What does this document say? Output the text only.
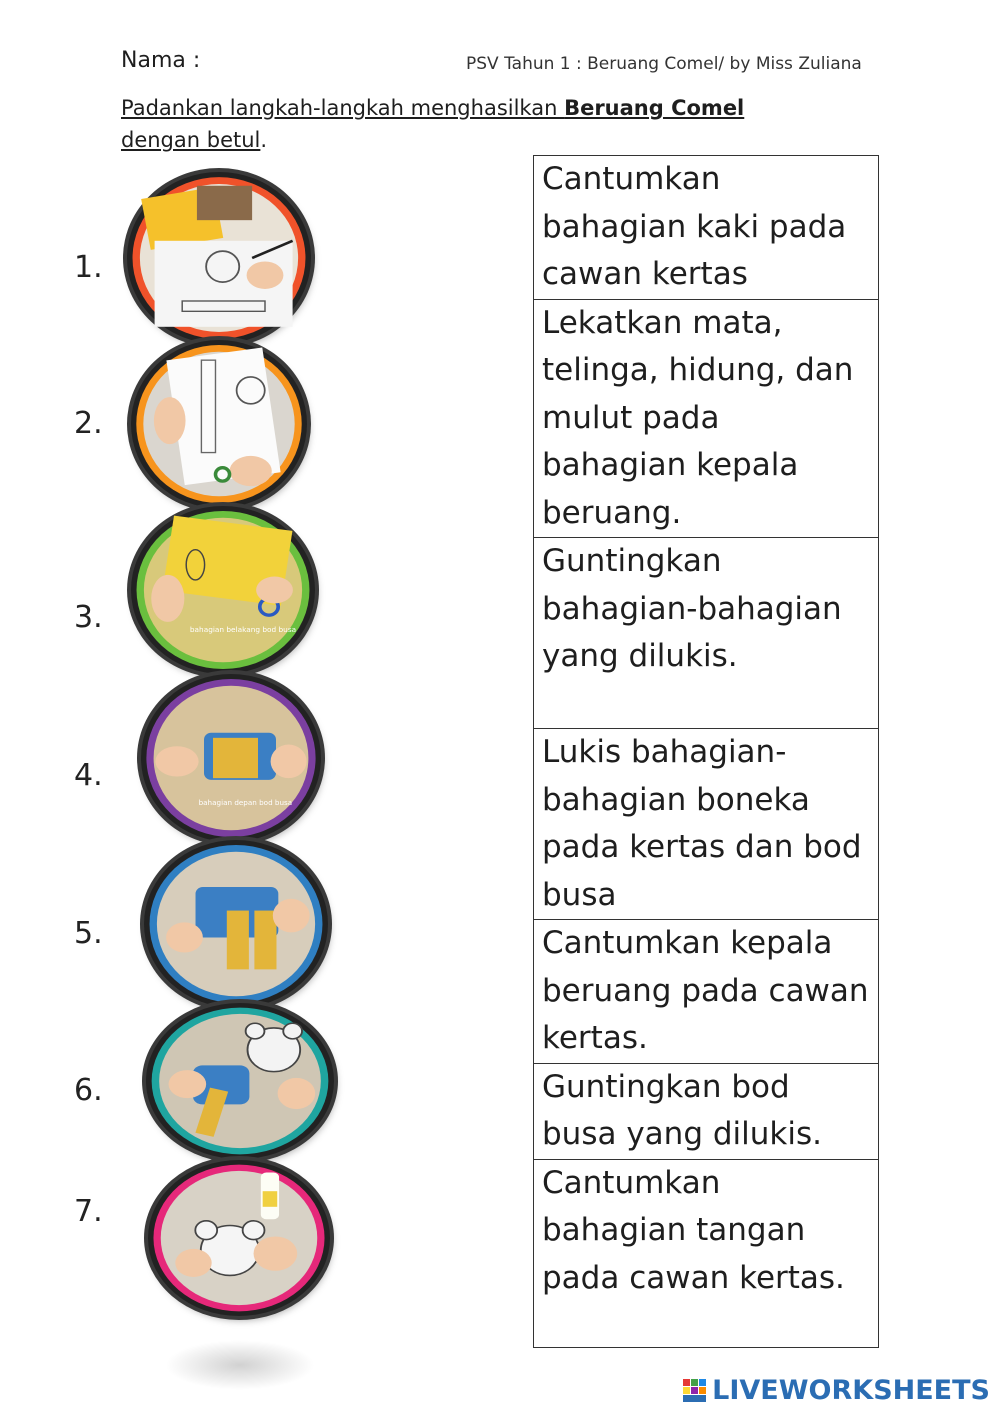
Nama :	PSV Tahun 1 : Beruang Comel/ by Miss Zuliana
Padankan langkah-langkah menghasilkan Beruang Comel
dengan betul.
1.
2.
3.
4.
5.
6.
7.
bahagian belakang bod busa
bahagian depan bod busa
Cantumkan bahagian kaki pada cawan kertas
Lekatkan mata, telinga, hidung, dan mulut pada bahagian kepala beruang.
Guntingkan bahagian-bahagian yang dilukis.
Lukis bahagian-bahagian boneka pada kertas dan bod busa
Cantumkan kepala beruang pada cawan kertas.
Guntingkan bod busa yang dilukis.
Cantumkan bahagian tangan pada cawan kertas.
LIVEWORKSHEETS
